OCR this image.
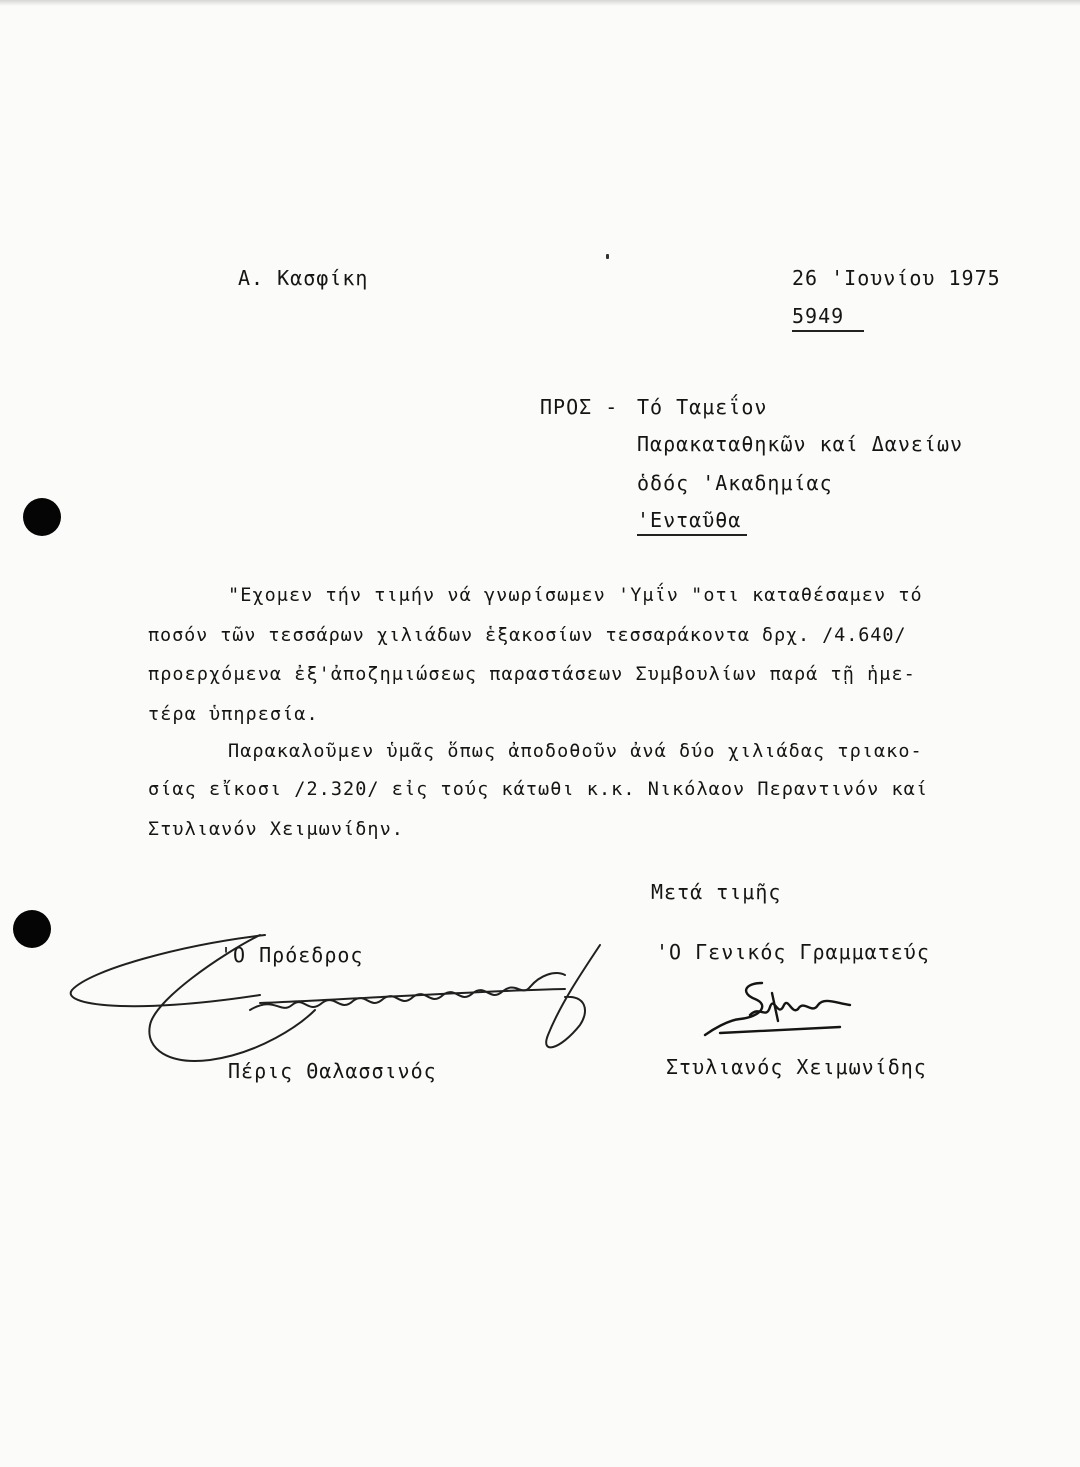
Α. Κασφίκη	26 'Ιουνίου 1975
5949
ΠΡΟΣ - Τό Ταμεΐον
Παρακαταθηκῶν καί Δανείων
ὁδός 'Ακαδημίας
'Ενταῦθα
"Εχομεν τήν τιμήν νά γνωρίσωμεν 'Υμΐν "οτι καταθέσαμεν τό
ποσόν τῶν τεσσάρων χιλιάδων ἑξακοσίων τεσσαράκοντα δρχ. /4.640/
προερχόμενα ἐξ'ἀποζημιώσεως παραστάσεων Συμβουλίων παρά τῇ ἡμε-
τέρα ὑπηρεσία.
Παρακαλοῦμεν ὑμᾶς ὅπως ἀποδοθοῦν ἀνά δύο χιλιάδας τριακο-
σίας εἴκοσι /2.320/ εἰς τούς κάτωθι κ.κ. Νικόλαον Περαντινόν καί
Στυλιανόν Χειμωνίδην.
Μετά τιμῆς
'Ο Πρόεδρος	'Ο Γενικός Γραμματεύς
Πέρις Θαλασσινός	Στυλιανός Χειμωνίδης
